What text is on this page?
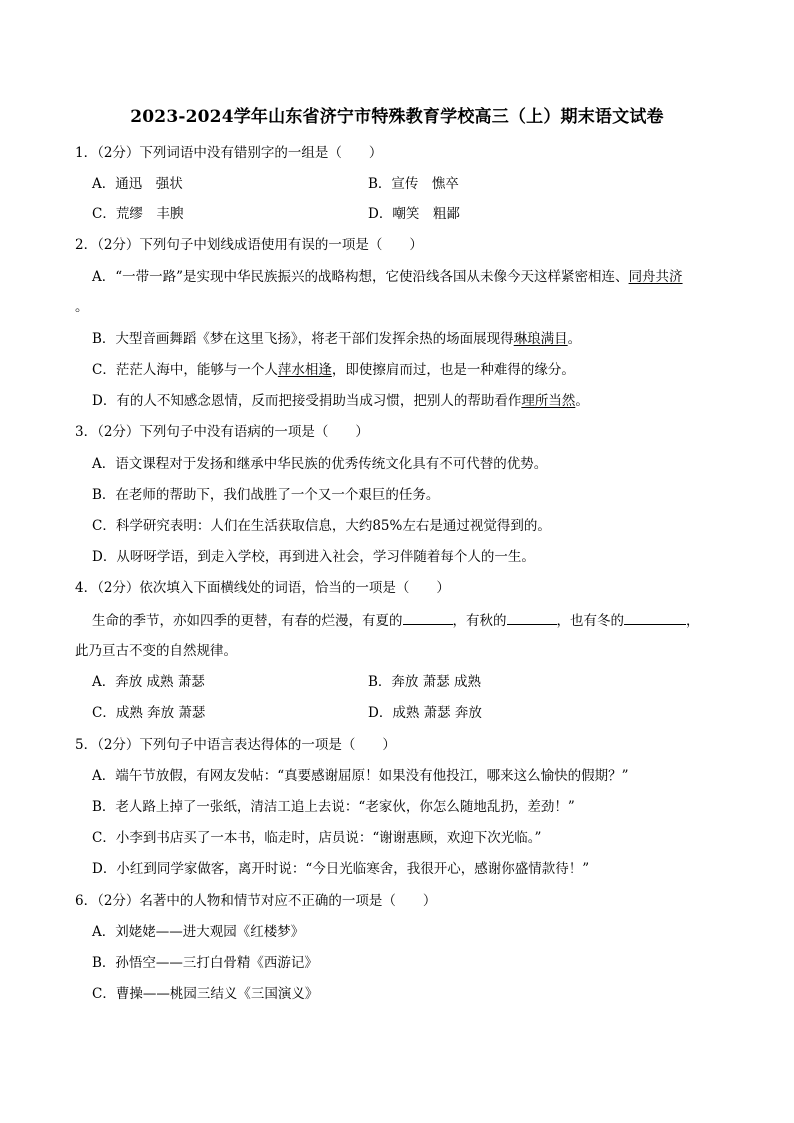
2023-2024学年山东省济宁市特殊教育学校高三（上）期末语文试卷
1．（2分）下列词语中没有错别字的一组是（　　）
A．通迅　强状	B．宣传　憔卒
C．荒缪　丰腴	D．嘲笑　粗鄙
2．（2分）下列句子中划线成语使用有误的一项是（　　）
A．“一带一路”是实现中华民族振兴的战略构想，它使沿线各国从未像今天这样紧密相连、同舟共济
。
B．大型音画舞蹈《梦在这里飞扬》，将老干部们发挥余热的场面展现得琳琅满目。
C．茫茫人海中，能够与一个人萍水相逢，即使擦肩而过，也是一种难得的缘分。
D．有的人不知感念恩情，反而把接受捐助当成习惯，把别人的帮助看作理所当然。
3．（2分）下列句子中没有语病的一项是（　　）
A．语文课程对于发扬和继承中华民族的优秀传统文化具有不可代替的优势。
B．在老师的帮助下，我们战胜了一个又一个艰巨的任务。
C．科学研究表明：人们在生活获取信息，大约85%左右是通过视觉得到的。
D．从呀呀学语，到走入学校，再到进入社会，学习伴随着每个人的一生。
4．（2分）依次填入下面横线处的词语，恰当的一项是（　　）
生命的季节，亦如四季的更替，有春的烂漫，有夏的	，有秋的	，也有冬的	，
此乃亘古不变的自然规律。
A．奔放 成熟 萧瑟	B．奔放 萧瑟 成熟
C．成熟 奔放 萧瑟	D．成熟 萧瑟 奔放
5．（2分）下列句子中语言表达得体的一项是（　　）
A．端午节放假，有网友发帖：“真要感谢屈原！如果没有他投江，哪来这么愉快的假期？”
B．老人路上掉了一张纸，清洁工追上去说：“老家伙，你怎么随地乱扔，差劲！”
C．小李到书店买了一本书，临走时，店员说：“谢谢惠顾，欢迎下次光临。”
D．小红到同学家做客，离开时说：“今日光临寒舍，我很开心，感谢你盛情款待！”
6．（2分）名著中的人物和情节对应不正确的一项是（　　）
A．刘姥姥——进大观园《红楼梦》
B．孙悟空——三打白骨精《西游记》
C．曹操——桃园三结义《三国演义》
